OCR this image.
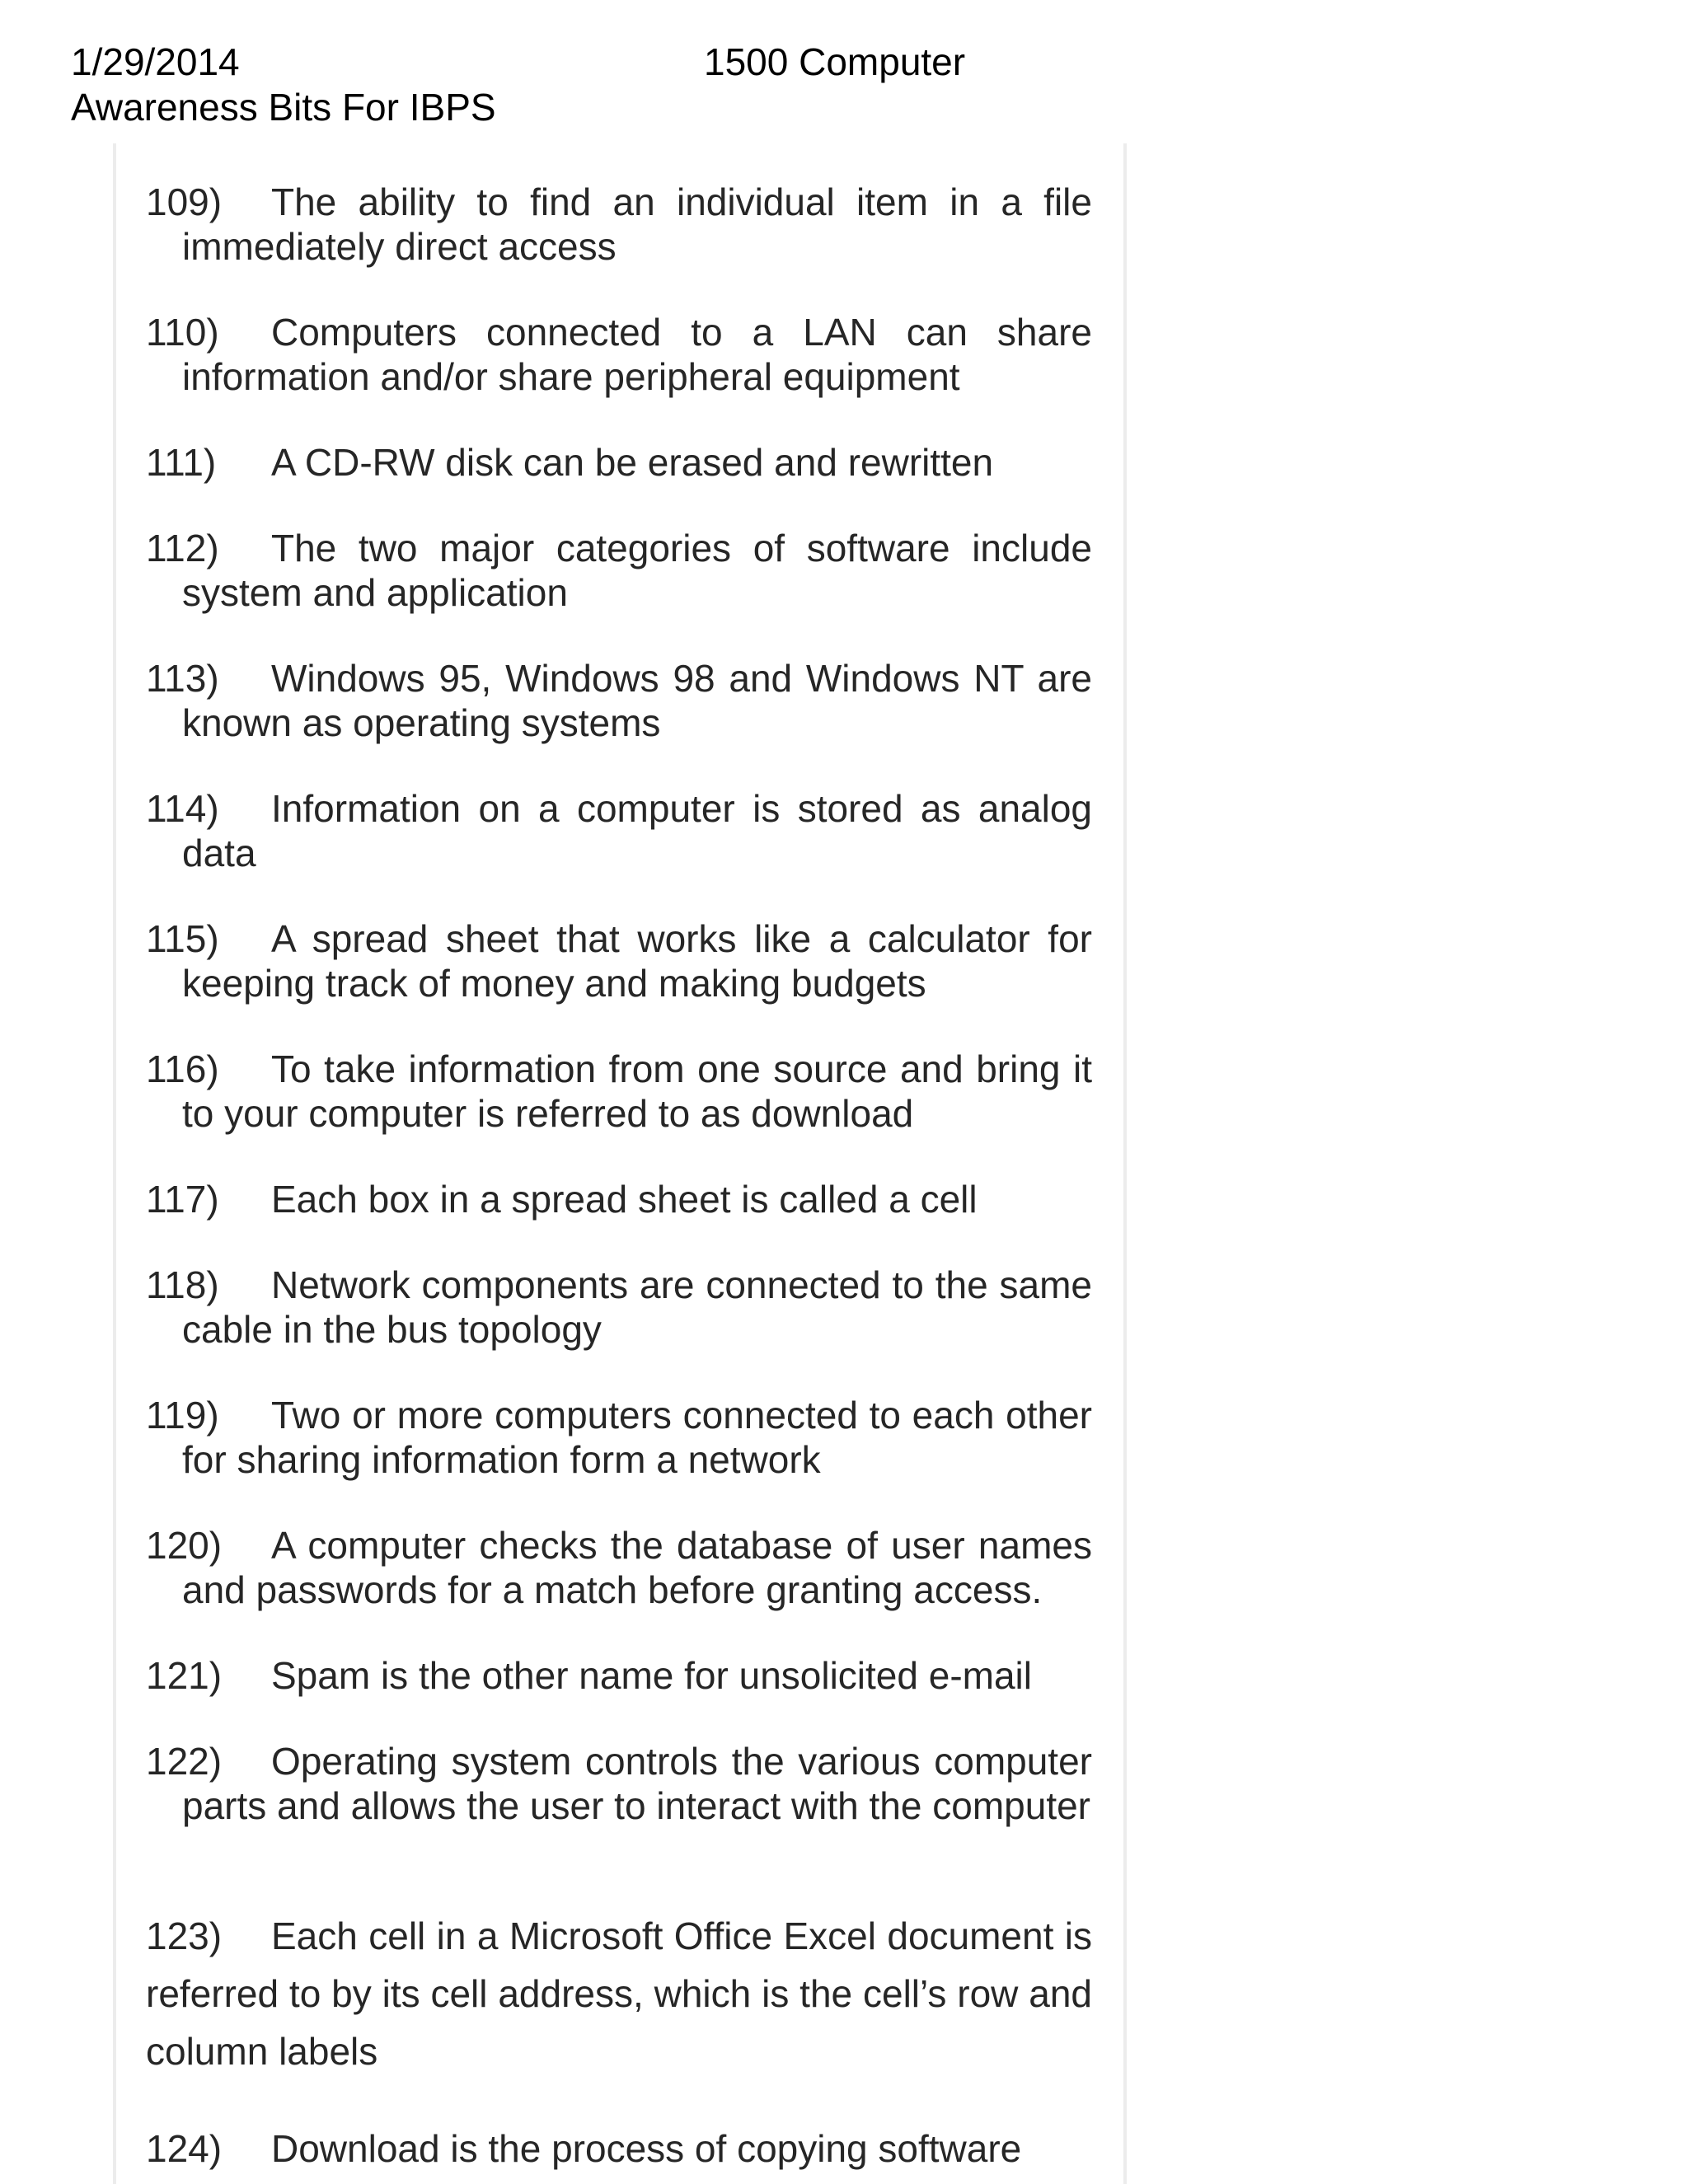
1/29/2014
Awareness Bits For IBPS
1500 Computer

109) The ability to find an individual item in a file immediately direct access

110) Computers connected to a LAN can share information and/or share peripheral equipment

111) A CD-RW disk can be erased and rewritten

112) The two major categories of software include system and application

113) Windows 95, Windows 98 and Windows NT are known as operating systems

114) Information on a computer is stored as analog data

115) A spread sheet that works like a calculator for keeping track of money and making budgets

116) To take information from one source and bring it to your computer is referred to as download

117) Each box in a spread sheet is called a cell

118) Network components are connected to the same cable in the bus topology

119) Two or more computers connected to each other for sharing information form a network

120) A computer checks the database of user names and passwords for a match before granting access.

121) Spam is the other name for unsolicited e-mail

122) Operating system controls the various computer parts and allows the user to interact with the computer

123) Each cell in a Microsoft Office Excel document is referred to by its cell address, which is the cell’s row and column labels

124) Download is the process of copying software
